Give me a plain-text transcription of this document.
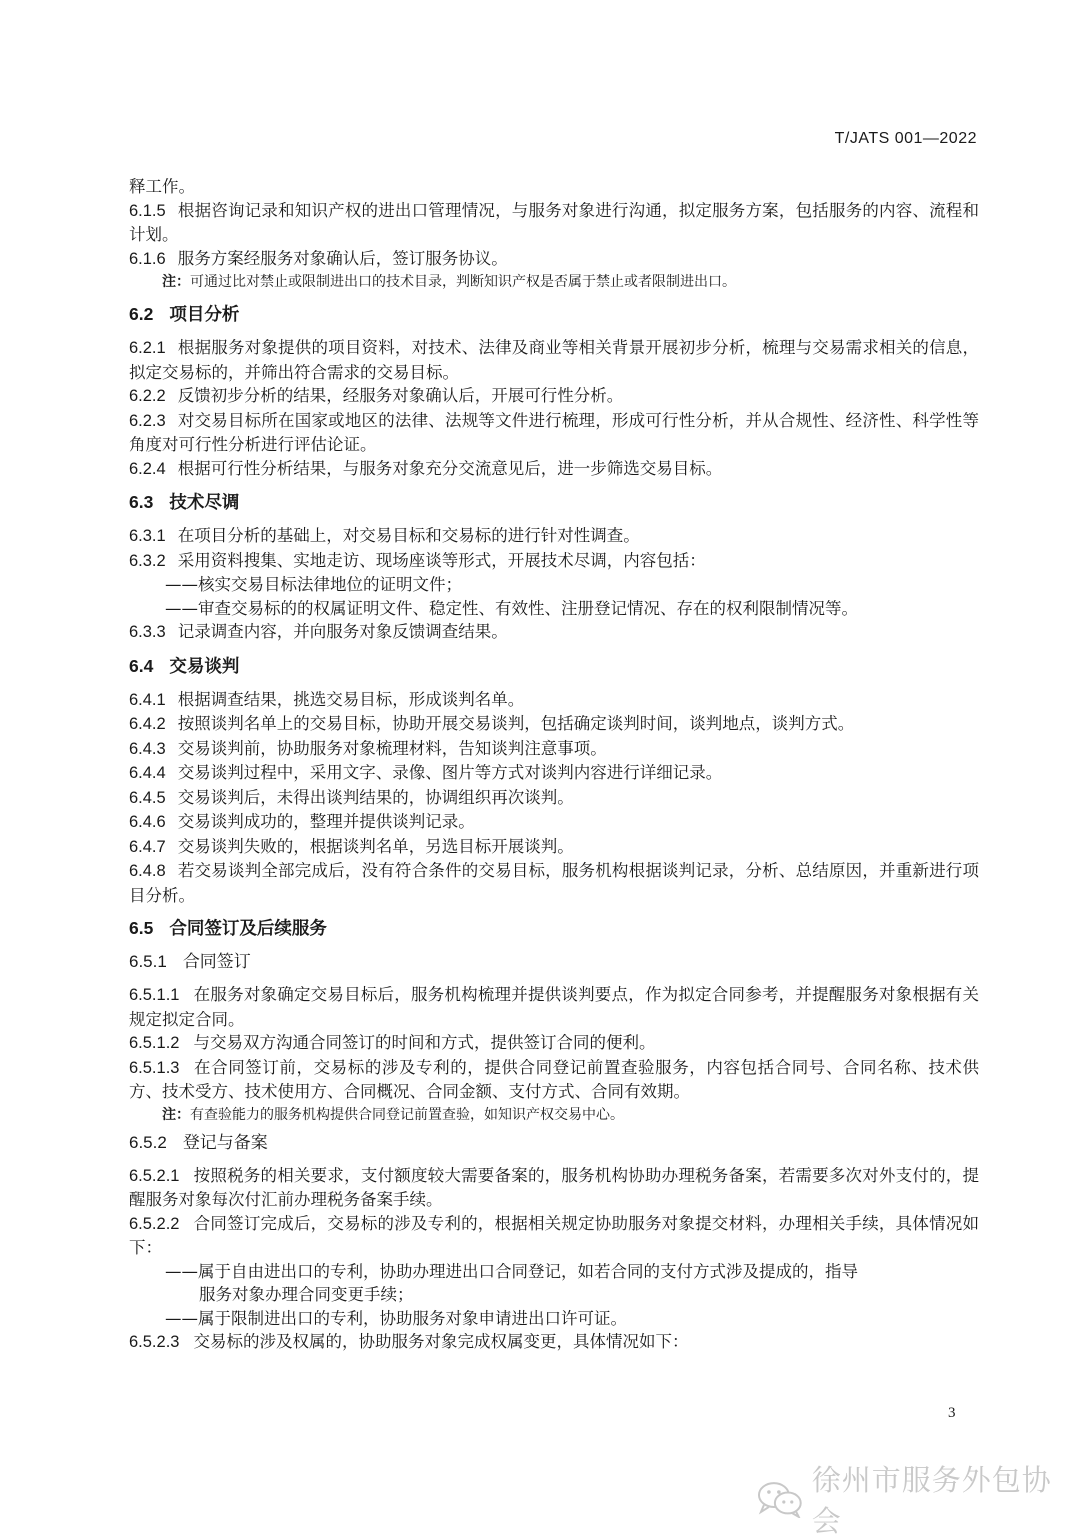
T/JATS 001—2022

释工作。

6.1.5 根据咨询记录和知识产权的进出口管理情况，与服务对象进行沟通，拟定服务方案，包括服务的内容、流程和计划。

6.1.6 服务方案经服务对象确认后，签订服务协议。

注：可通过比对禁止或限制进出口的技术目录，判断知识产权是否属于禁止或者限制进出口。

6.2 项目分析

6.2.1 根据服务对象提供的项目资料，对技术、法律及商业等相关背景开展初步分析，梳理与交易需求相关的信息，拟定交易标的，并筛出符合需求的交易目标。

6.2.2 反馈初步分析的结果，经服务对象确认后，开展可行性分析。

6.2.3 对交易目标所在国家或地区的法律、法规等文件进行梳理，形成可行性分析，并从合规性、经济性、科学性等角度对可行性分析进行评估论证。

6.2.4 根据可行性分析结果，与服务对象充分交流意见后，进一步筛选交易目标。

6.3 技术尽调

6.3.1 在项目分析的基础上，对交易目标和交易标的进行针对性调查。

6.3.2 采用资料搜集、实地走访、现场座谈等形式，开展技术尽调，内容包括：

——核实交易目标法律地位的证明文件；

——审查交易标的的权属证明文件、稳定性、有效性、注册登记情况、存在的权利限制情况等。

6.3.3 记录调查内容，并向服务对象反馈调查结果。

6.4 交易谈判

6.4.1 根据调查结果，挑选交易目标，形成谈判名单。

6.4.2 按照谈判名单上的交易目标，协助开展交易谈判，包括确定谈判时间，谈判地点，谈判方式。

6.4.3 交易谈判前，协助服务对象梳理材料，告知谈判注意事项。

6.4.4 交易谈判过程中，采用文字、录像、图片等方式对谈判内容进行详细记录。

6.4.5 交易谈判后，未得出谈判结果的，协调组织再次谈判。

6.4.6 交易谈判成功的，整理并提供谈判记录。

6.4.7 交易谈判失败的，根据谈判名单，另选目标开展谈判。

6.4.8 若交易谈判全部完成后，没有符合条件的交易目标，服务机构根据谈判记录，分析、总结原因，并重新进行项目分析。

6.5 合同签订及后续服务
6.5.1 合同签订

6.5.1.1 在服务对象确定交易目标后，服务机构梳理并提供谈判要点，作为拟定合同参考，并提醒服务对象根据有关规定拟定合同。

6.5.1.2 与交易双方沟通合同签订的时间和方式，提供签订合同的便利。

6.5.1.3 在合同签订前，交易标的涉及专利的，提供合同登记前置查验服务，内容包括合同号、合同名称、技术供方、技术受方、技术使用方、合同概况、合同金额、支付方式、合同有效期。

注：有查验能力的服务机构提供合同登记前置查验，如知识产权交易中心。

6.5.2 登记与备案

6.5.2.1 按照税务的相关要求，支付额度较大需要备案的，服务机构协助办理税务备案，若需要多次对外支付的，提醒服务对象每次付汇前办理税务备案手续。

6.5.2.2 合同签订完成后，交易标的涉及专利的，根据相关规定协助服务对象提交材料，办理相关手续，具体情况如下：

——属于自由进出口的专利，协助办理进出口合同登记，如若合同的支付方式涉及提成的，指导

服务对象办理合同变更手续；

——属于限制进出口的专利，协助服务对象申请进出口许可证。

6.5.2.3 交易标的涉及权属的，协助服务对象完成权属变更，具体情况如下：

3
徐州市服务外包协会
